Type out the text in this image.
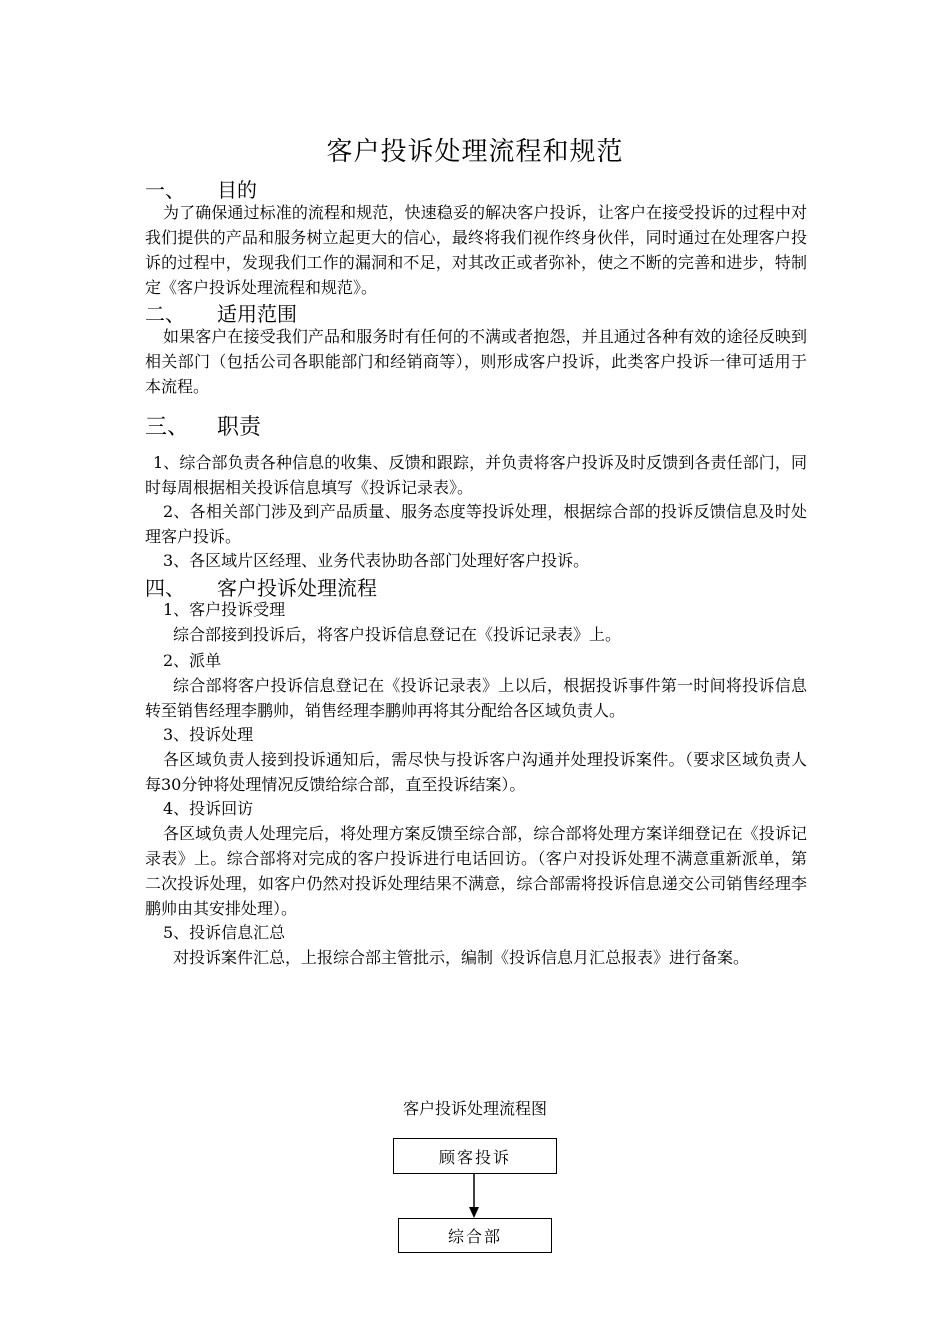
客户投诉处理流程和规范
一、 目的

为了确保通过标准的流程和规范，快速稳妥的解决客户投诉，让客户在接受投诉的过程中对我们提供的产品和服务树立起更大的信心，最终将我们视作终身伙伴，同时通过在处理客户投诉的过程中，发现我们工作的漏洞和不足，对其改正或者弥补，使之不断的完善和进步，特制定《客户投诉处理流程和规范》。

二、 适用范围

如果客户在接受我们产品和服务时有任何的不满或者抱怨，并且通过各种有效的途径反映到相关部门（包括公司各职能部门和经销商等），则形成客户投诉，此类客户投诉一律可适用于本流程。

三、 职责

1、综合部负责各种信息的收集、反馈和跟踪，并负责将客户投诉及时反馈到各责任部门，同时每周根据相关投诉信息填写《投诉记录表》。

2、各相关部门涉及到产品质量、服务态度等投诉处理，根据综合部的投诉反馈信息及时处理客户投诉。

3、各区域片区经理、业务代表协助各部门处理好客户投诉。

四、 客户投诉处理流程
1、客户投诉受理

综合部接到投诉后，将客户投诉信息登记在《投诉记录表》上。

2、派单

综合部将客户投诉信息登记在《投诉记录表》上以后，根据投诉事件第一时间将投诉信息转至销售经理李鹏帅，销售经理李鹏帅再将其分配给各区域负责人。

3、投诉处理

各区域负责人接到投诉通知后，需尽快与投诉客户沟通并处理投诉案件。（要求区域负责人每30分钟将处理情况反馈给综合部，直至投诉结案）。

4、投诉回访

各区域负责人处理完后，将处理方案反馈至综合部，综合部将处理方案详细登记在《投诉记录表》上。综合部将对完成的客户投诉进行电话回访。（客户对投诉处理不满意重新派单，第二次投诉处理，如客户仍然对投诉处理结果不满意，综合部需将投诉信息递交公司销售经理李鹏帅由其安排处理）。

5、投诉信息汇总

对投诉案件汇总，上报综合部主管批示，编制《投诉信息月汇总报表》进行备案。

客户投诉处理流程图
顾客投诉
综合部
